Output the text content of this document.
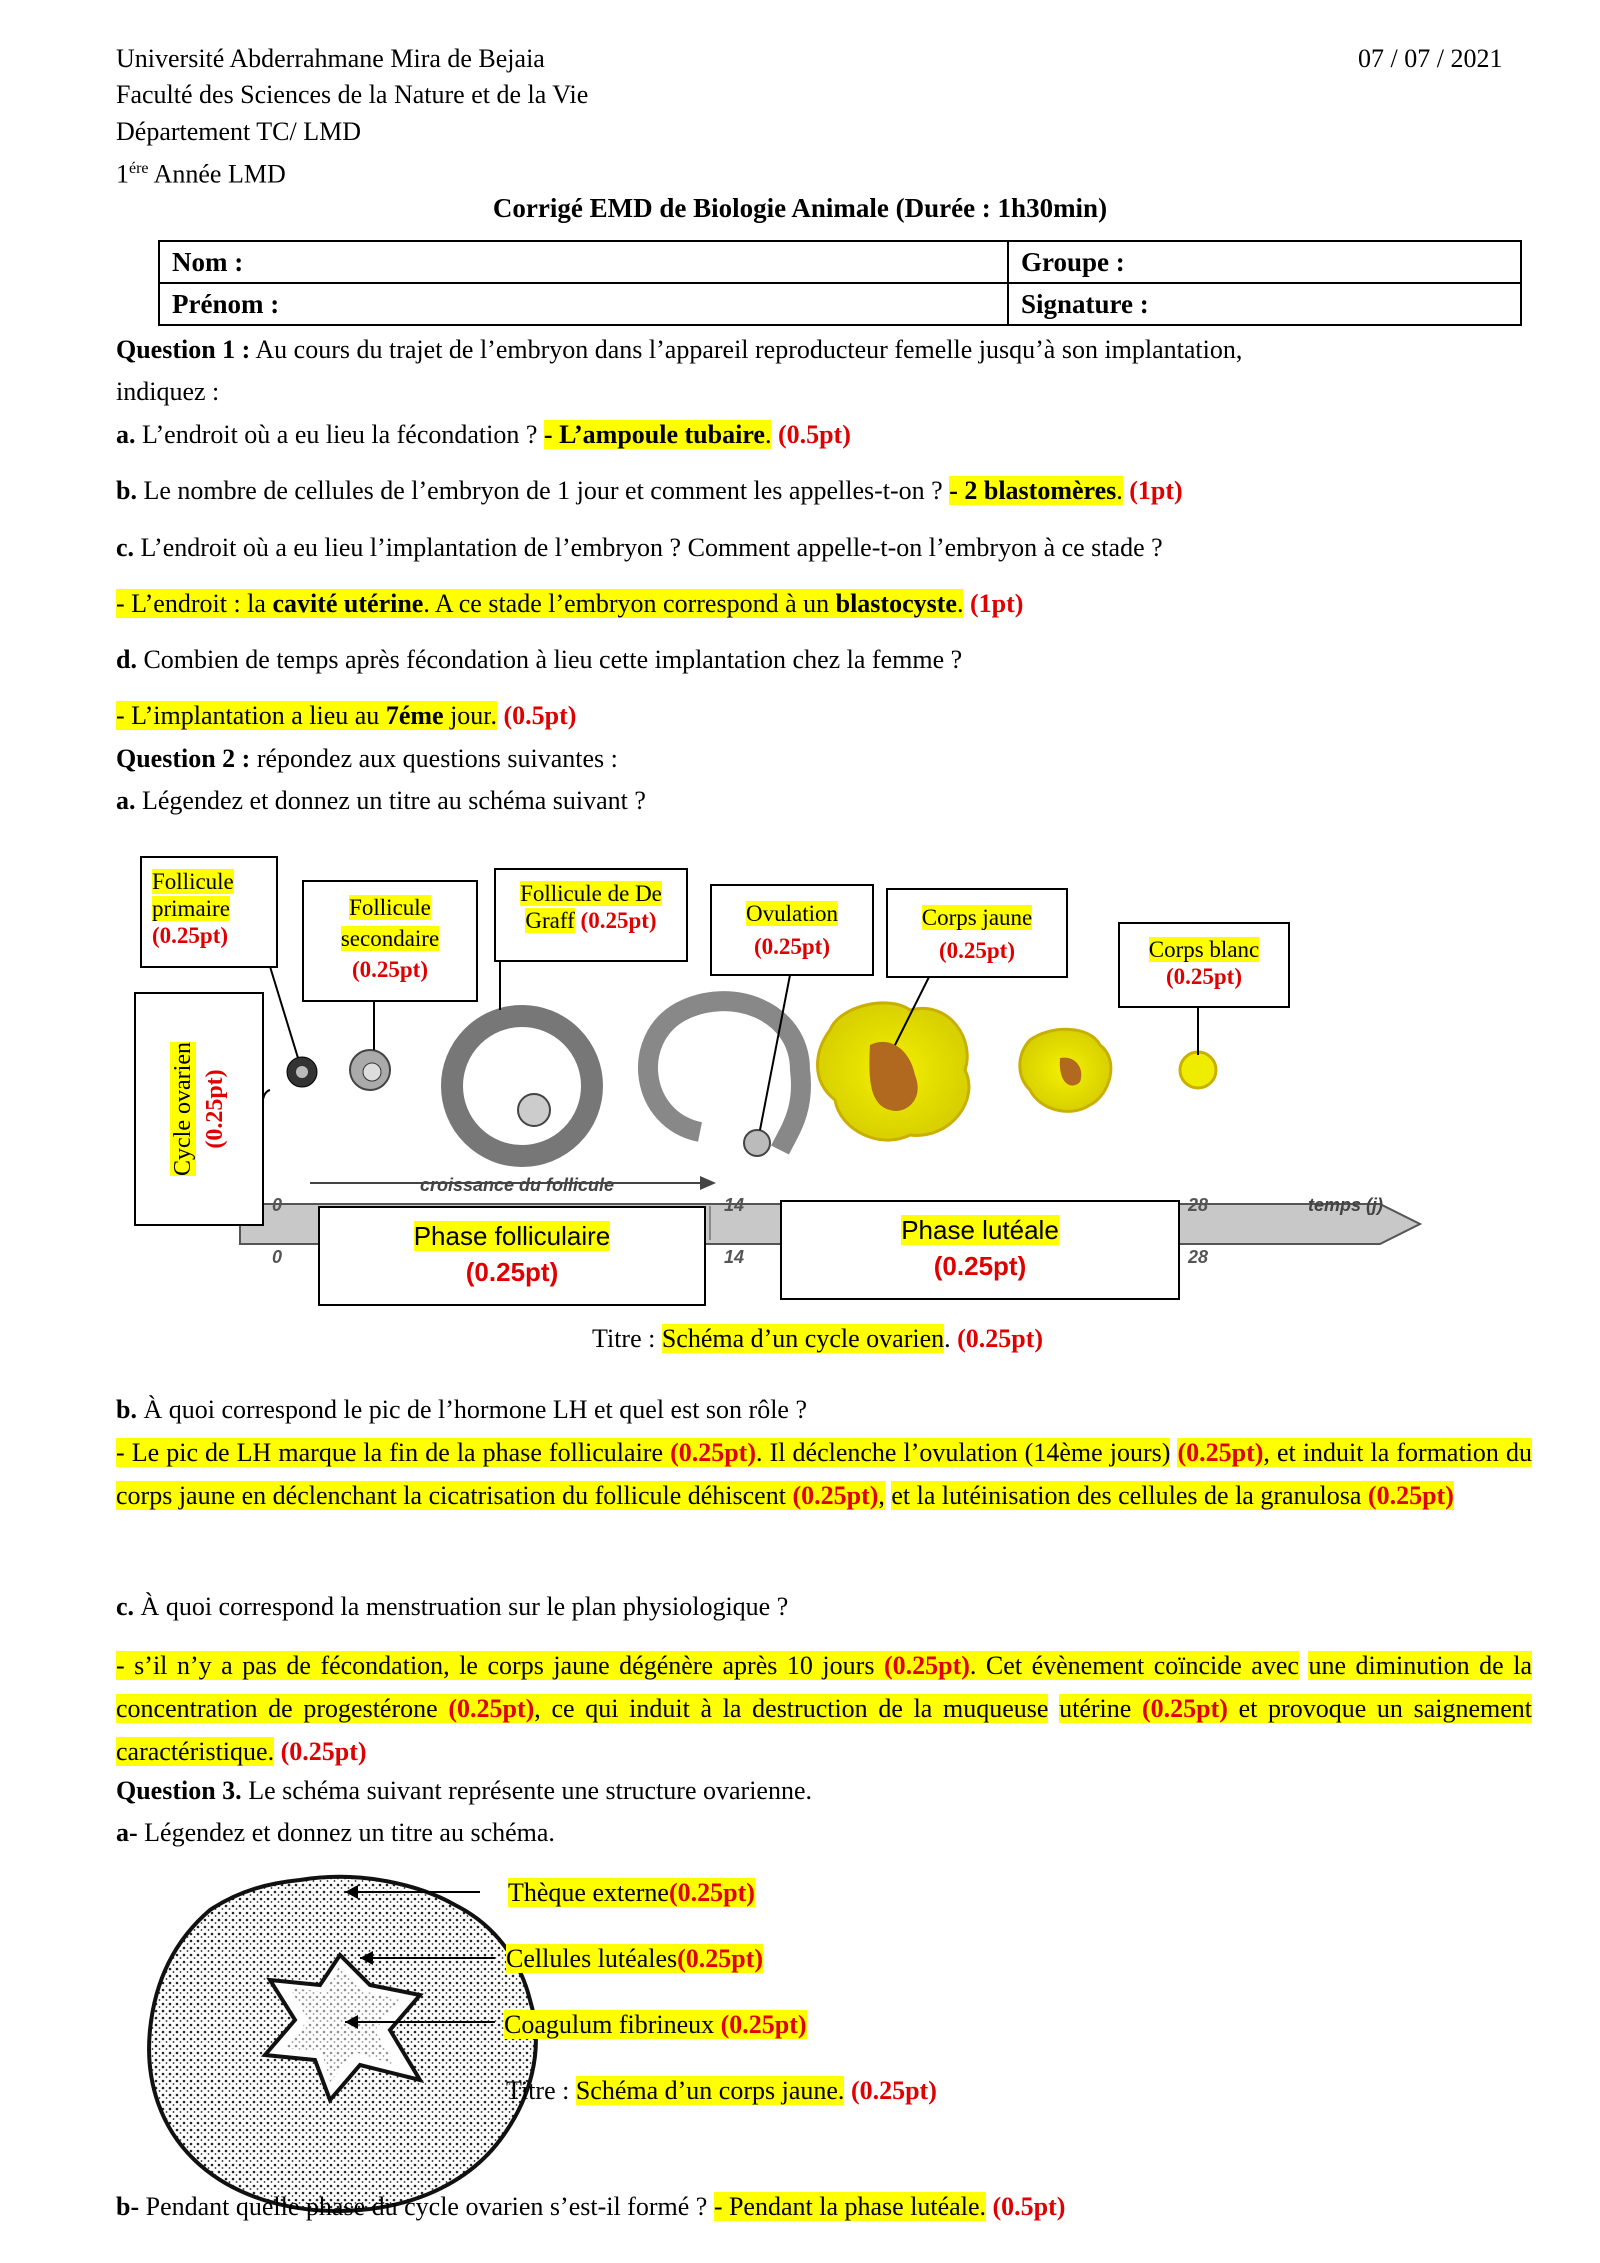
Université Abderrahmane Mira de Bejaia	07 / 07 / 2021
Faculté des Sciences de la Nature et de la Vie
Département TC/ LMD
$1^{ére}$ Année LMD
Corrigé EMD de Biologie Animale (Durée : 1h30min)
Nom :	Groupe :
Prénom :	Signature :
Question 1 : Au cours du trajet de l’embryon dans l’appareil reproducteur femelle jusqu’à son implantation,
indiquez :
a. L’endroit où a eu lieu la fécondation ? - L’ampoule tubaire. (0.5pt)
b. Le nombre de cellules de l’embryon de 1 jour et comment les appelles-t-on ? - 2 blastomères. (1pt)
c. L’endroit où a eu lieu l’implantation de l’embryon ? Comment appelle-t-on l’embryon à ce stade ?
- L’endroit : la cavité utérine. A ce stade l’embryon correspond à un blastocyste. (1pt)
d. Combien de temps après fécondation à lieu cette implantation chez la femme ?
- L’implantation a lieu au 7éme jour. (0.5pt)
Question 2 : répondez aux questions suivantes :
a. Légendez et donnez un titre au schéma suivant ?
croissance du follicule
temps (j)
0
0
14
14
28
28
Follicule
primaire
(0.25pt)
Follicule
secondaire
(0.25pt)
Follicule de De
Graff (0.25pt)	Ovulation
(0.25pt)
Corps jaune
(0.25pt)	Corps blanc
(0.25pt)
Cycle ovarien (0.25pt)
Phase folliculaire
(0.25pt)
Phase lutéale
(0.25pt)
Titre : Schéma d’un cycle ovarien. (0.25pt)
b. À quoi correspond le pic de l’hormone LH et quel est son rôle ?
- Le pic de LH marque la fin de la phase folliculaire (0.25pt). Il déclenche l’ovulation (14ème jours) (0.25pt), et induit la formation du corps jaune en déclenchant la cicatrisation du follicule déhiscent (0.25pt), et la lutéinisation des cellules de la granulosa (0.25pt)
c. À quoi correspond la menstruation sur le plan physiologique ?
- s’il n’y a pas de fécondation, le corps jaune dégénère après 10 jours (0.25pt). Cet évènement coïncide avec une diminution de la concentration de progestérone (0.25pt), ce qui induit à la destruction de la muqueuse utérine (0.25pt) et provoque un saignement caractéristique. (0.25pt)
Question 3. Le schéma suivant représente une structure ovarienne.
a- Légendez et donnez un titre au schéma.
Thèque externe(0.25pt)
Cellules lutéales(0.25pt)
Coagulum fibrineux (0.25pt)
Titre : Schéma d’un corps jaune. (0.25pt)
b- Pendant quelle phase du cycle ovarien s’est-il formé ? - Pendant la phase lutéale. (0.5pt)
